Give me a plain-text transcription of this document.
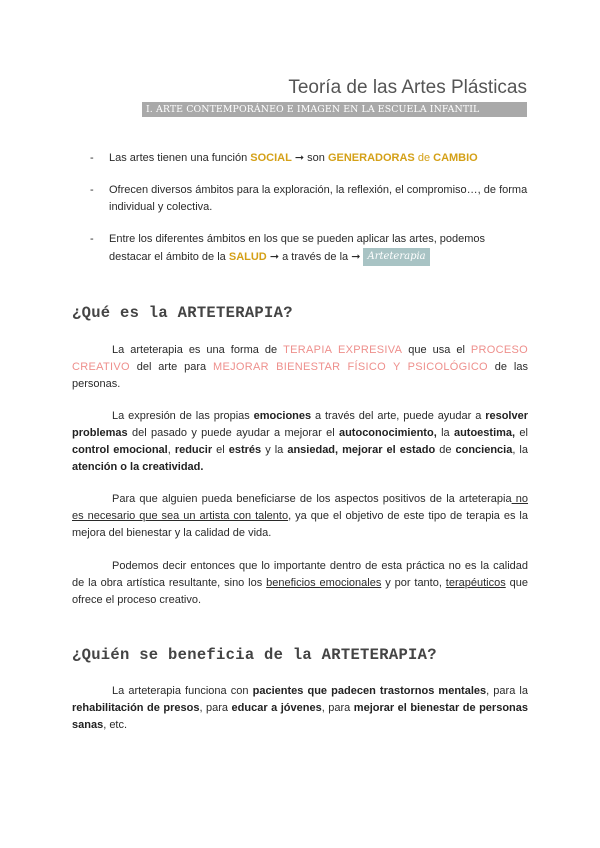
Teoría de las Artes Plásticas
I. ARTE CONTEMPORÁNEO E IMAGEN EN LA ESCUELA INFANTIL
- Las artes tienen una función SOCIAL ➞ son GENERADORAS de CAMBIO
- Ofrecen diversos ámbitos para la exploración, la reflexión, el compromiso…, de forma individual y colectiva.
- Entre los diferentes ámbitos en los que se pueden aplicar las artes, podemos destacar el ámbito de la SALUD ➞ a través de la ➞ Arteterapia
¿Qué es la ARTETERAPIA?

La arteterapia es una forma de TERAPIA EXPRESIVA que usa el PROCESO CREATIVO del arte para MEJORAR BIENESTAR FÍSICO Y PSICOLÓGICO de las personas.

La expresión de las propias emociones a través del arte, puede ayudar a resolver problemas del pasado y puede ayudar a mejorar el autoconocimiento, la autoestima, el control emocional, reducir el estrés y la ansiedad, mejorar el estado de conciencia, la atención o la creatividad.

Para que alguien pueda beneficiarse de los aspectos positivos de la arteterapia no es necesario que sea un artista con talento, ya que el objetivo de este tipo de terapia es la mejora del bienestar y la calidad de vida.

Podemos decir entonces que lo importante dentro de esta práctica no es la calidad de la obra artística resultante, sino los beneficios emocionales y por tanto, terapéuticos que ofrece el proceso creativo.

¿Quién se beneficia de la ARTETERAPIA?

La arteterapia funciona con pacientes que padecen trastornos mentales, para la rehabilitación de presos, para educar a jóvenes, para mejorar el bienestar de personas sanas, etc.
